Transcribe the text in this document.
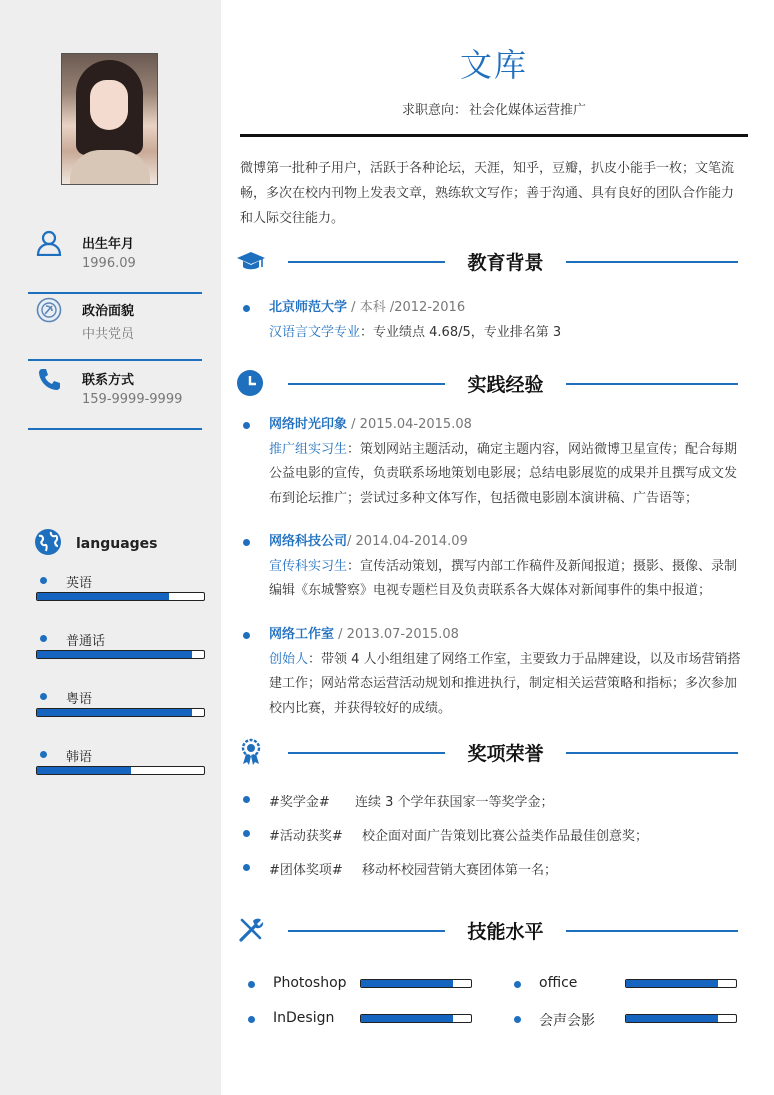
出生年月
1996.09
政治面貌
中共党员
联系方式
159-9999-9999
languages
英语
普通话
粤语
韩语
文库
求职意向： 社会化媒体运营推广
微博第一批种子用户，活跃于各种论坛，天涯，知乎，豆瓣，扒皮小能手一枚；文笔流畅，多次在校内刊物上发表文章，熟练软文写作；善于沟通、具有良好的团队合作能力和人际交往能力。
教育背景
北京师范大学 / 本科 /2012-2016
汉语言文学专业：专业绩点 4.68/5，专业排名第 3
实践经验
网络时光印象 / 2015.04-2015.08
推广组实习生：策划网站主题活动，确定主题内容，网站微博卫星宣传；配合每期公益电影的宣传，负责联系场地策划电影展；总结电影展览的成果并且撰写成文发布到论坛推广；尝试过多种文体写作，包括微电影剧本演讲稿、广告语等；
网络科技公司/ 2014.04-2014.09
宣传科实习生：宣传活动策划，撰写内部工作稿件及新闻报道；摄影、摄像、录制编辑《东城警察》电视专题栏目及负责联系各大媒体对新闻事件的集中报道；
网络工作室 / 2013.07-2015.08
创始人：带领 4 人小组组建了网络工作室，主要致力于品牌建设，以及市场营销搭建工作；网站常态运营活动规划和推进执行，制定相关运营策略和指标；多次参加校内比赛，并获得较好的成绩。
奖项荣誉
#奖学金# 连续 3 个学年获国家一等奖学金；
#活动获奖# 校企面对面广告策划比赛公益类作品最佳创意奖；
#团体奖项# 移动杯校园营销大赛团体第一名；
技能水平
Photoshop	office
InDesign	会声会影
